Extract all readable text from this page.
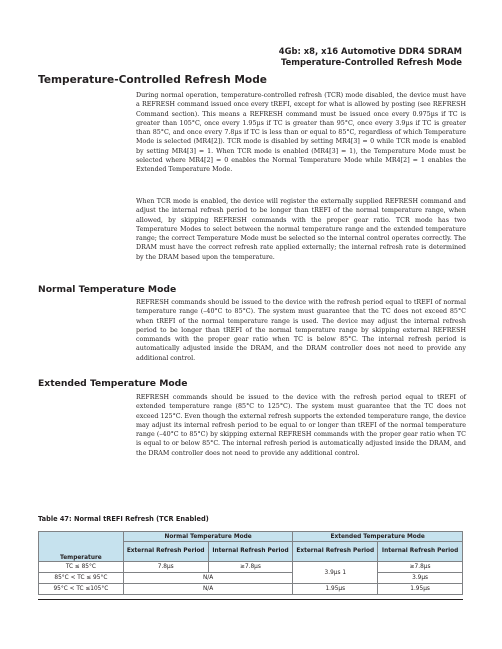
4Gb: x8, x16 Automotive DDR4 SDRAM
Temperature-Controlled Refresh Mode
Temperature-Controlled Refresh Mode

During normal operation, temperature-controlled refresh (TCR) mode disabled, the device must have a REFRESH command issued once every tREFI, except for what is allowed by posting (see REFRESH Command section). This means a REFRESH command must be issued once every 0.975µs if TC is greater than 105°C, once every 1.95µs if TC is greater than 95°C, once every 3.9µs if TC is greater than 85°C, and once every 7.8µs if TC is less than or equal to 85°C, regardless of which Temperature Mode is selected (MR4[2]). TCR mode is disabled by setting MR4[3] = 0 while TCR mode is enabled by setting MR4[3] = 1. When TCR mode is enabled (MR4[3] = 1), the Temperature Mode must be selected where MR4[2] = 0 enables the Normal Temperature Mode while MR4[2] = 1 enables the Extended Temperature Mode.

When TCR mode is enabled, the device will register the externally supplied REFRESH command and adjust the internal refresh period to be longer than tREFI of the normal temperature range, when allowed, by skipping REFRESH commands with the proper gear ratio. TCR mode has two Temperature Modes to select between the normal temperature range and the extended temperature range; the correct Temperature Mode must be selected so the internal control operates correctly. The DRAM must have the correct refresh rate applied externally; the internal refresh rate is determined by the DRAM based upon the temperature.

Normal Temperature Mode

REFRESH commands should be issued to the device with the refresh period equal to tREFI of normal temperature range (–40°C to 85°C). The system must guarantee that the TC does not exceed 85°C when tREFI of the normal temperature range is used. The device may adjust the internal refresh period to be longer than tREFI of the normal temperature range by skipping external REFRESH commands with the proper gear ratio when TC is below 85°C. The internal refresh period is automatically adjusted inside the DRAM, and the DRAM controller does not need to provide any additional control.

Extended Temperature Mode

REFRESH commands should be issued to the device with the refresh period equal to tREFI of extended temperature range (85°C to 125°C). The system must guarantee that the TC does not exceed 125°C. Even though the external refresh supports the extended temperature range, the device may adjust its internal refresh period to be equal to or longer than tREFI of the normal temperature range (–40°C to 85°C) by skipping external REFRESH commands with the proper gear ratio when TC is equal to or below 85°C. The internal refresh period is automatically adjusted inside the DRAM, and the DRAM controller does not need to provide any additional control.

Table 47: Normal tREFI Refresh (TCR Enabled)
Temperature	Normal Temperature Mode		Extended Temperature Mode	
	External Refresh Period	Internal Refresh Period	External Refresh Period	Internal Refresh Period
TC ≤ 85°C	7.8µs	≥7.8µs	3.9µs 1	≥7.8µs
85°C < TC ≤ 95°C	N/A			3.9µs
95°C < TC ≤105°C	N/A		1.95µs	1.95µs
